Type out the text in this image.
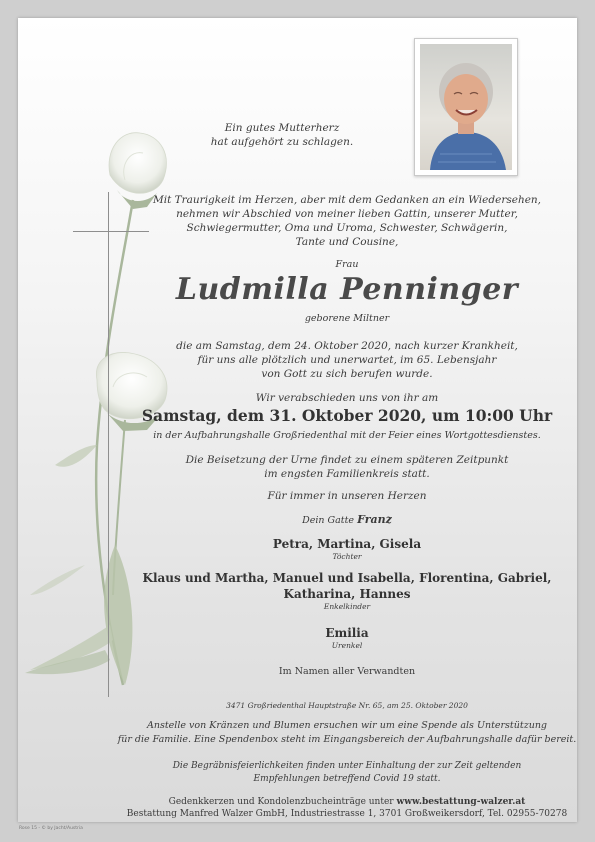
Ein gutes Mutterherz
hat aufgehört zu schlagen.
Mit Traurigkeit im Herzen, aber mit dem Gedanken an ein Wiedersehen,
nehmen wir Abschied von meiner lieben Gattin, unserer Mutter,
Schwiegermutter, Oma und Uroma, Schwester, Schwägerin,
Tante und Cousine,
Frau
Ludmilla Penninger
geborene Miltner
die am Samstag, dem 24. Oktober 2020, nach kurzer Krankheit,
für uns alle plötzlich und unerwartet, im 65. Lebensjahr
von Gott zu sich berufen wurde.
Wir verabschieden uns von ihr am
Samstag, dem 31. Oktober 2020, um 10:00 Uhr
in der Aufbahrungshalle Großriedenthal mit der Feier eines Wortgottesdienstes.
Die Beisetzung der Urne findet zu einem späteren Zeitpunkt
im engsten Familienkreis statt.
Für immer in unseren Herzen
Dein Gatte Franz
Petra, Martina, Gisela
Töchter
Klaus und Martha, Manuel und Isabella, Florentina, Gabriel,
Katharina, Hannes
Enkelkinder
Emilia
Urenkel
Im Namen aller Verwandten
3471 Großriedenthal Hauptstraße Nr. 65, am 25. Oktober 2020
Anstelle von Kränzen und Blumen ersuchen wir um eine Spende als Unterstützung
für die Familie. Eine Spendenbox steht im Eingangsbereich der Aufbahrungshalle dafür bereit.
Die Begräbnisfeierlichkeiten finden unter Einhaltung der zur Zeit geltenden
Empfehlungen betreffend Covid 19 statt.
Gedenkkerzen und Kondolenzbucheinträge unter www.bestattung-walzer.at
Bestattung Manfred Walzer GmbH, Industriestrasse 1, 3701 Großweikersdorf, Tel. 02955-70278
Rose 15 - © by Jacht/Austria
